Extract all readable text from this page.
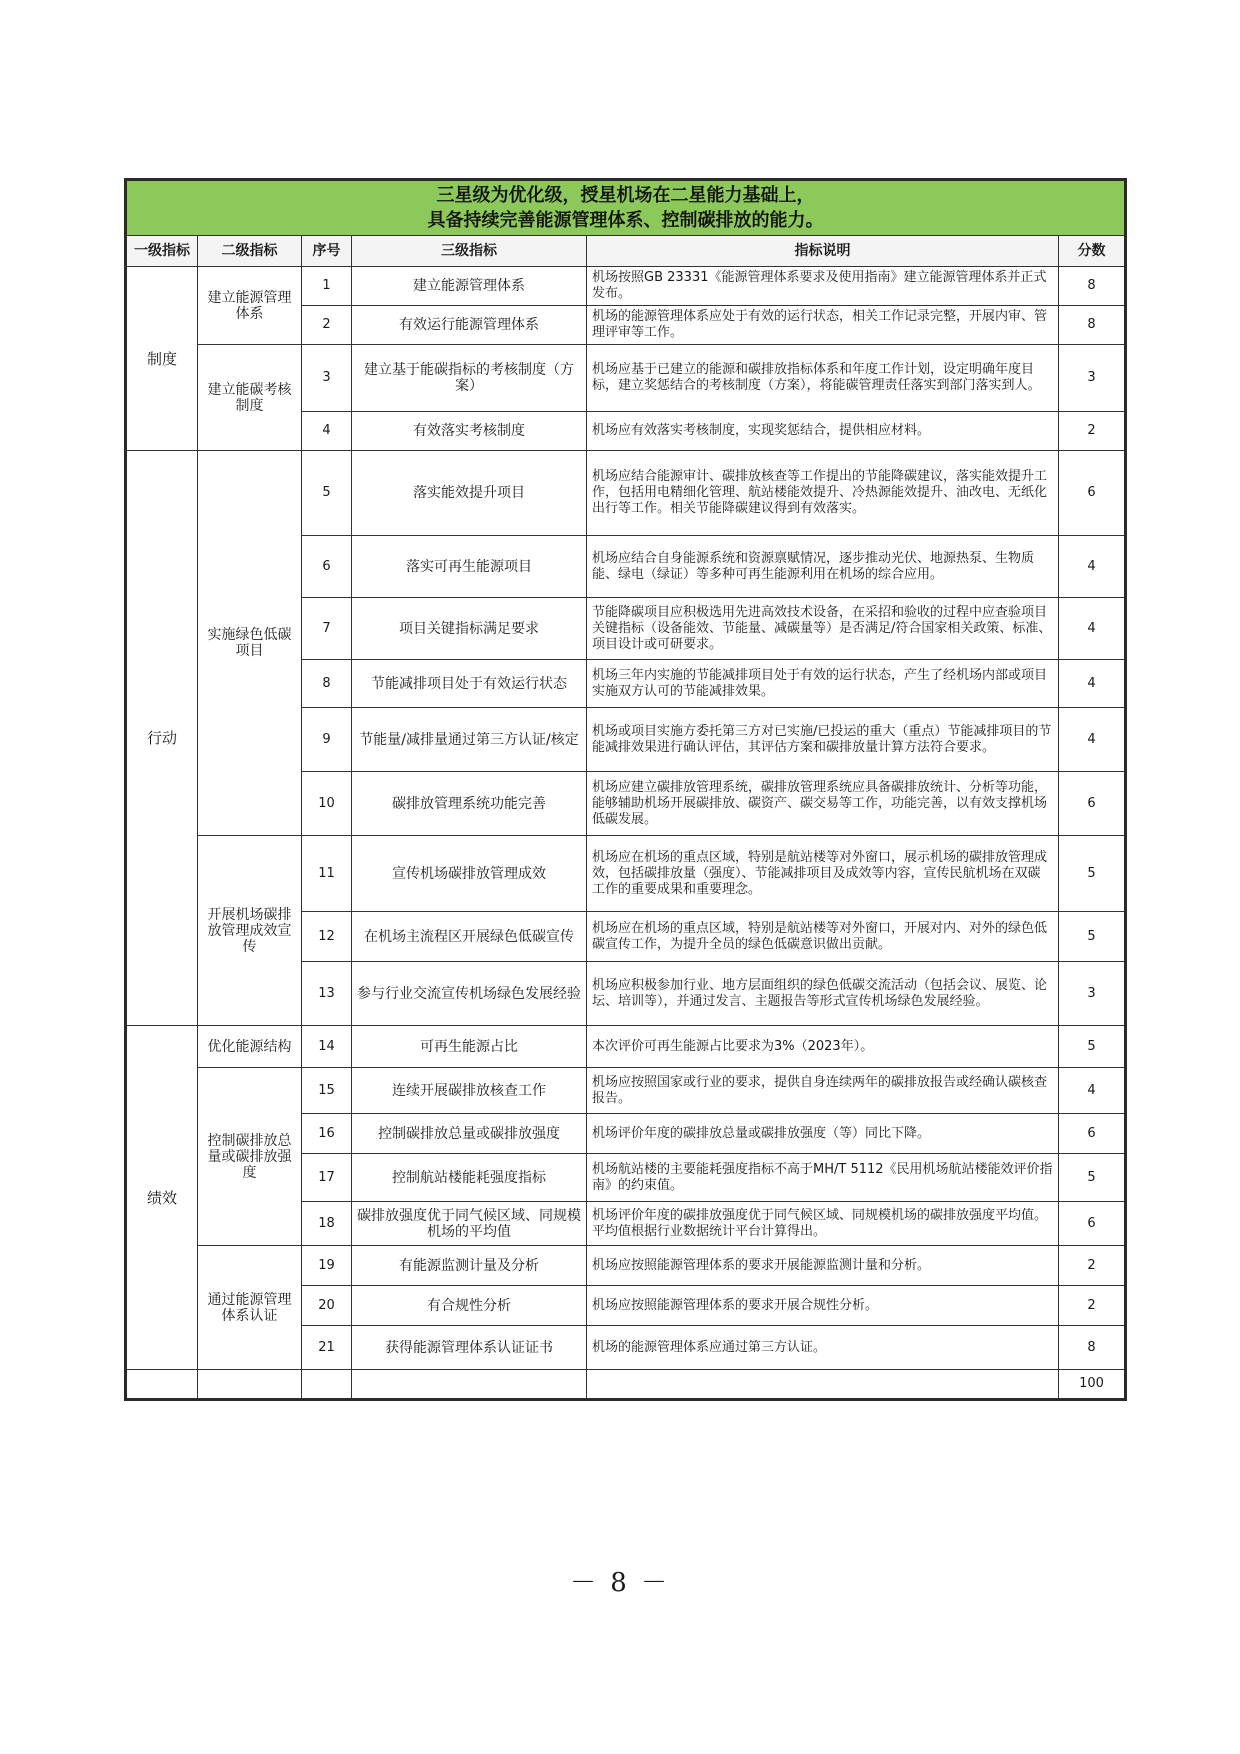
三星级为优化级，授星机场在二星能力基础上，
具备持续完善能源管理体系、控制碳排放的能力。					

一级指标	二级指标	序号	三级指标	指标说明	分数
制度	建立能源管理体系	1	建立能源管理体系	机场按照GB 23331《能源管理体系要求及使用指南》建立能源管理体系并正式发布。	8
		2	有效运行能源管理体系	机场的能源管理体系应处于有效的运行状态，相关工作记录完整，开展内审、管理评审等工作。	8
	建立能碳考核制度	3	建立基于能碳指标的考核制度（方案）	机场应基于已建立的能源和碳排放指标体系和年度工作计划，设定明确年度目标，建立奖惩结合的考核制度（方案），将能碳管理责任落实到部门落实到人。	3
		4	有效落实考核制度	机场应有效落实考核制度，实现奖惩结合，提供相应材料。	2
行动	实施绿色低碳项目	5	落实能效提升项目	机场应结合能源审计、碳排放核查等工作提出的节能降碳建议，落实能效提升工作，包括用电精细化管理、航站楼能效提升、冷热源能效提升、油改电、无纸化出行等工作。相关节能降碳建议得到有效落实。	6
		6	落实可再生能源项目	机场应结合自身能源系统和资源禀赋情况，逐步推动光伏、地源热泵、生物质能、绿电（绿证）等多种可再生能源利用在机场的综合应用。	4
		7	项目关键指标满足要求	节能降碳项目应积极选用先进高效技术设备，在采招和验收的过程中应查验项目关键指标（设备能效、节能量、减碳量等）是否满足/符合国家相关政策、标准、项目设计或可研要求。	4
		8	节能减排项目处于有效运行状态	机场三年内实施的节能减排项目处于有效的运行状态，产生了经机场内部或项目实施双方认可的节能减排效果。	4
		9	节能量/减排量通过第三方认证/核定	机场或项目实施方委托第三方对已实施/已投运的重大（重点）节能减排项目的节能减排效果进行确认评估，其评估方案和碳排放量计算方法符合要求。	4
		10	碳排放管理系统功能完善	机场应建立碳排放管理系统，碳排放管理系统应具备碳排放统计、分析等功能，能够辅助机场开展碳排放、碳资产、碳交易等工作，功能完善，以有效支撑机场低碳发展。	6
	开展机场碳排放管理成效宣传	11	宣传机场碳排放管理成效	机场应在机场的重点区域，特别是航站楼等对外窗口，展示机场的碳排放管理成效，包括碳排放量（强度）、节能减排项目及成效等内容，宣传民航机场在双碳工作的重要成果和重要理念。	5
		12	在机场主流程区开展绿色低碳宣传	机场应在机场的重点区域，特别是航站楼等对外窗口，开展对内、对外的绿色低碳宣传工作，为提升全员的绿色低碳意识做出贡献。	5
		13	参与行业交流宣传机场绿色发展经验	机场应积极参加行业、地方层面组织的绿色低碳交流活动（包括会议、展览、论坛、培训等），并通过发言、主题报告等形式宣传机场绿色发展经验。	3
绩效	优化能源结构	14	可再生能源占比	本次评价可再生能源占比要求为3%（2023年）。	5
	控制碳排放总量或碳排放强度	15	连续开展碳排放核查工作	机场应按照国家或行业的要求，提供自身连续两年的碳排放报告或经确认碳核查报告。	4
		16	控制碳排放总量或碳排放强度	机场评价年度的碳排放总量或碳排放强度（等）同比下降。	6
		17	控制航站楼能耗强度指标	机场航站楼的主要能耗强度指标不高于MH/T 5112《民用机场航站楼能效评价指南》的约束值。	5
		18	碳排放强度优于同气候区域、同规模机场的平均值	机场评价年度的碳排放强度优于同气候区域、同规模机场的碳排放强度平均值。平均值根据行业数据统计平台计算得出。	6
	通过能源管理体系认证	19	有能源监测计量及分析	机场应按照能源管理体系的要求开展能源监测计量和分析。	2
		20	有合规性分析	机场应按照能源管理体系的要求开展合规性分析。	2
		21	获得能源管理体系认证证书	机场的能源管理体系应通过第三方认证。	8
					100
－ 8 －
